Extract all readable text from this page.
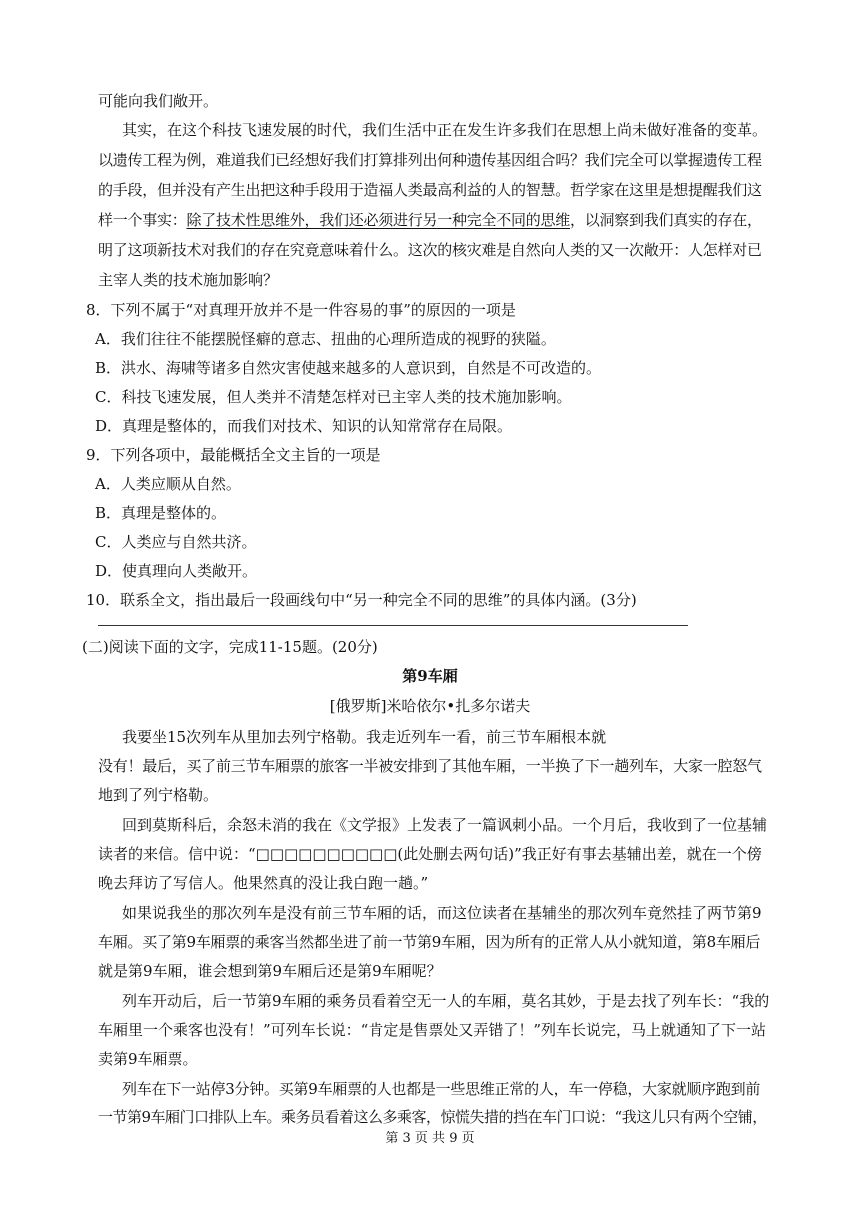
可能向我们敞开。
其实，在这个科技飞速发展的时代，我们生活中正在发生许多我们在思想上尚未做好准备的变革。
以遗传工程为例，难道我们已经想好我们打算排列出何种遗传基因组合吗？我们完全可以掌握遗传工程
的手段，但并没有产生出把这种手段用于造福人类最高利益的人的智慧。哲学家在这里是想提醒我们这
样一个事实：除了技术性思维外，我们还必须进行另一种完全不同的思维，以洞察到我们真实的存在，
明了这项新技术对我们的存在究竟意味着什么。这次的核灾难是自然向人类的又一次敞开：人怎样对已
主宰人类的技术施加影响？
8．下列不属于“对真理开放并不是一件容易的事”的原因的一项是
A．我们往往不能摆脱怪癖的意志、扭曲的心理所造成的视野的狭隘。
B．洪水、海啸等诸多自然灾害使越来越多的人意识到，自然是不可改造的。
C．科技飞速发展，但人类并不清楚怎样对已主宰人类的技术施加影响。
D．真理是整体的，而我们对技术、知识的认知常常存在局限。
9．下列各项中，最能概括全文主旨的一项是
A．人类应顺从自然。
B．真理是整体的。
C．人类应与自然共济。
D．使真理向人类敞开。
10．联系全文，指出最后一段画线句中“另一种完全不同的思维”的具体内涵。(3分)
(二)阅读下面的文字，完成11-15题。(20分)
第9车厢
[俄罗斯]米哈依尔•扎多尔诺夫
我要坐15次列车从里加去列宁格勒。我走近列车一看，前三节车厢根本就
没有！最后，买了前三节车厢票的旅客一半被安排到了其他车厢，一半换了下一趟列车，大家一腔怒气
地到了列宁格勒。
回到莫斯科后，余怒未消的我在《文学报》上发表了一篇讽刺小品。一个月后，我收到了一位基辅
读者的来信。信中说：“□□□□□□□□□□(此处删去两句话)”我正好有事去基辅出差，就在一个傍
晚去拜访了写信人。他果然真的没让我白跑一趟。”
如果说我坐的那次列车是没有前三节车厢的话，而这位读者在基辅坐的那次列车竟然挂了两节第9
车厢。买了第9车厢票的乘客当然都坐进了前一节第9车厢，因为所有的正常人从小就知道，第8车厢后
就是第9车厢，谁会想到第9车厢后还是第9车厢呢？
列车开动后，后一节第9车厢的乘务员看着空无一人的车厢，莫名其妙，于是去找了列车长：“我的
车厢里一个乘客也没有！”可列车长说：“肯定是售票处又弄错了！”列车长说完，马上就通知了下一站
卖第9车厢票。
列车在下一站停3分钟。买第9车厢票的人也都是一些思维正常的人，车一停稳，大家就顺序跑到前
一节第9车厢门口排队上车。乘务员看着这么多乘客，惊慌失措的挡在车门口说：“我这儿只有两个空铺，
第 3 页 共 9 页
